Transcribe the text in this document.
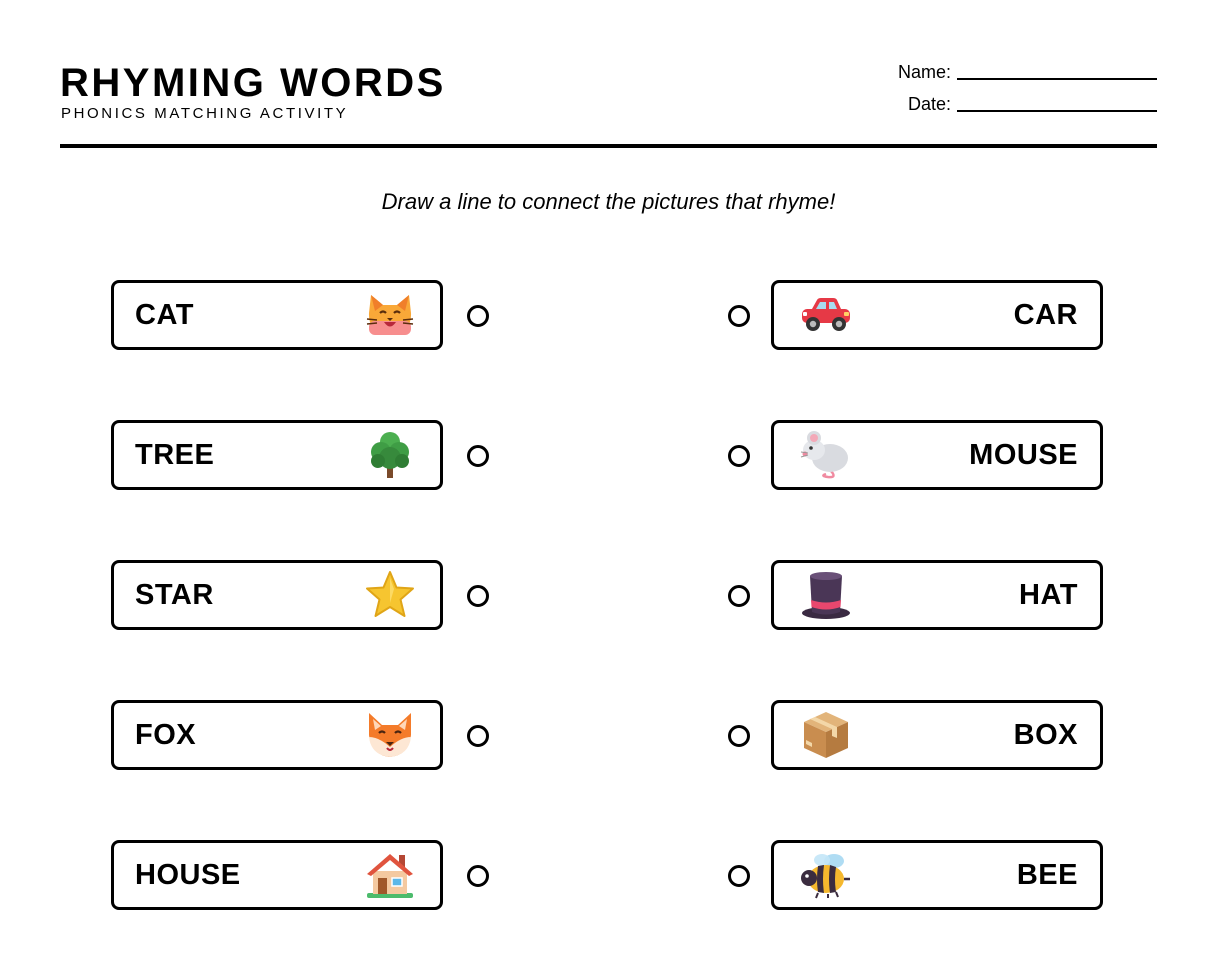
RHYMING WORDS
PHONICS MATCHING ACTIVITY
Name:
Date:
Draw a line to connect the pictures that rhyme!
CAT
TREE
STAR
FOX
HOUSE
CAR
MOUSE
HAT
BOX
BEE
